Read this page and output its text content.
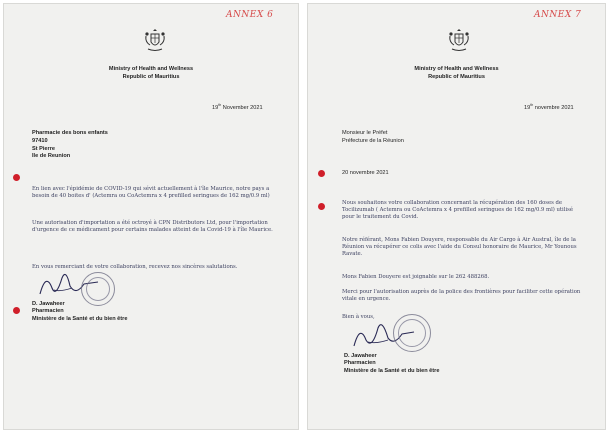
ANNEX 6
Ministry of Health and Wellness
Republic of Mauritius
19th November 2021
Pharmacie des bons enfants
97410
St Pierre
Ile de Reunion
En lien avec l'épidémie de COVID-19 qui sévit actuellement à l'île Maurice, notre pays a besoin de 40 boites d' (Actemra ou CoActemra x 4 prefilled seringues de 162 mg/0.9 ml)
Une autorisation d'importation a été octroyé à CPN Distributors Ltd, pour l'importation d'urgence de ce médicament pour certains malades atteint de la Covid-19 à l'île Maurice.
En vous remerciant de votre collaboration, recevez nos sincères salutations.
D. Jawaheer
Pharmacien
Ministère de la Santé et du bien être
ANNEX 7
Ministry of Health and Wellness
Republic of Mauritius
19th novembre 2021
Monsieur le Préfet
Préfecture de la Réunion
20 novembre 2021
Nous souhaitons votre collaboration concernant la récupération des 160 doses de Tocilizumab ( Actemra ou CoActemra x 4 prefilled seringues de 162 mg/0.9 ml) utilisé pour le traitement du Covid.
Notre référant, Mons Fabien Douyere, responsable du Air Cargo à Air Austral, île de la Réunion va récupérer ce colis avec l'aide du Consul honoraire de Maurice, Mr Younous Ravate.
Mons Fabien Douyere est joignable sur le 262 488268.
Merci pour l'autorisation auprès de la police des frontières pour faciliter cette opération vitale en urgence.
Bien à vous,
D. Jawaheer
Pharmacien
Ministère de la Santé et du bien être
